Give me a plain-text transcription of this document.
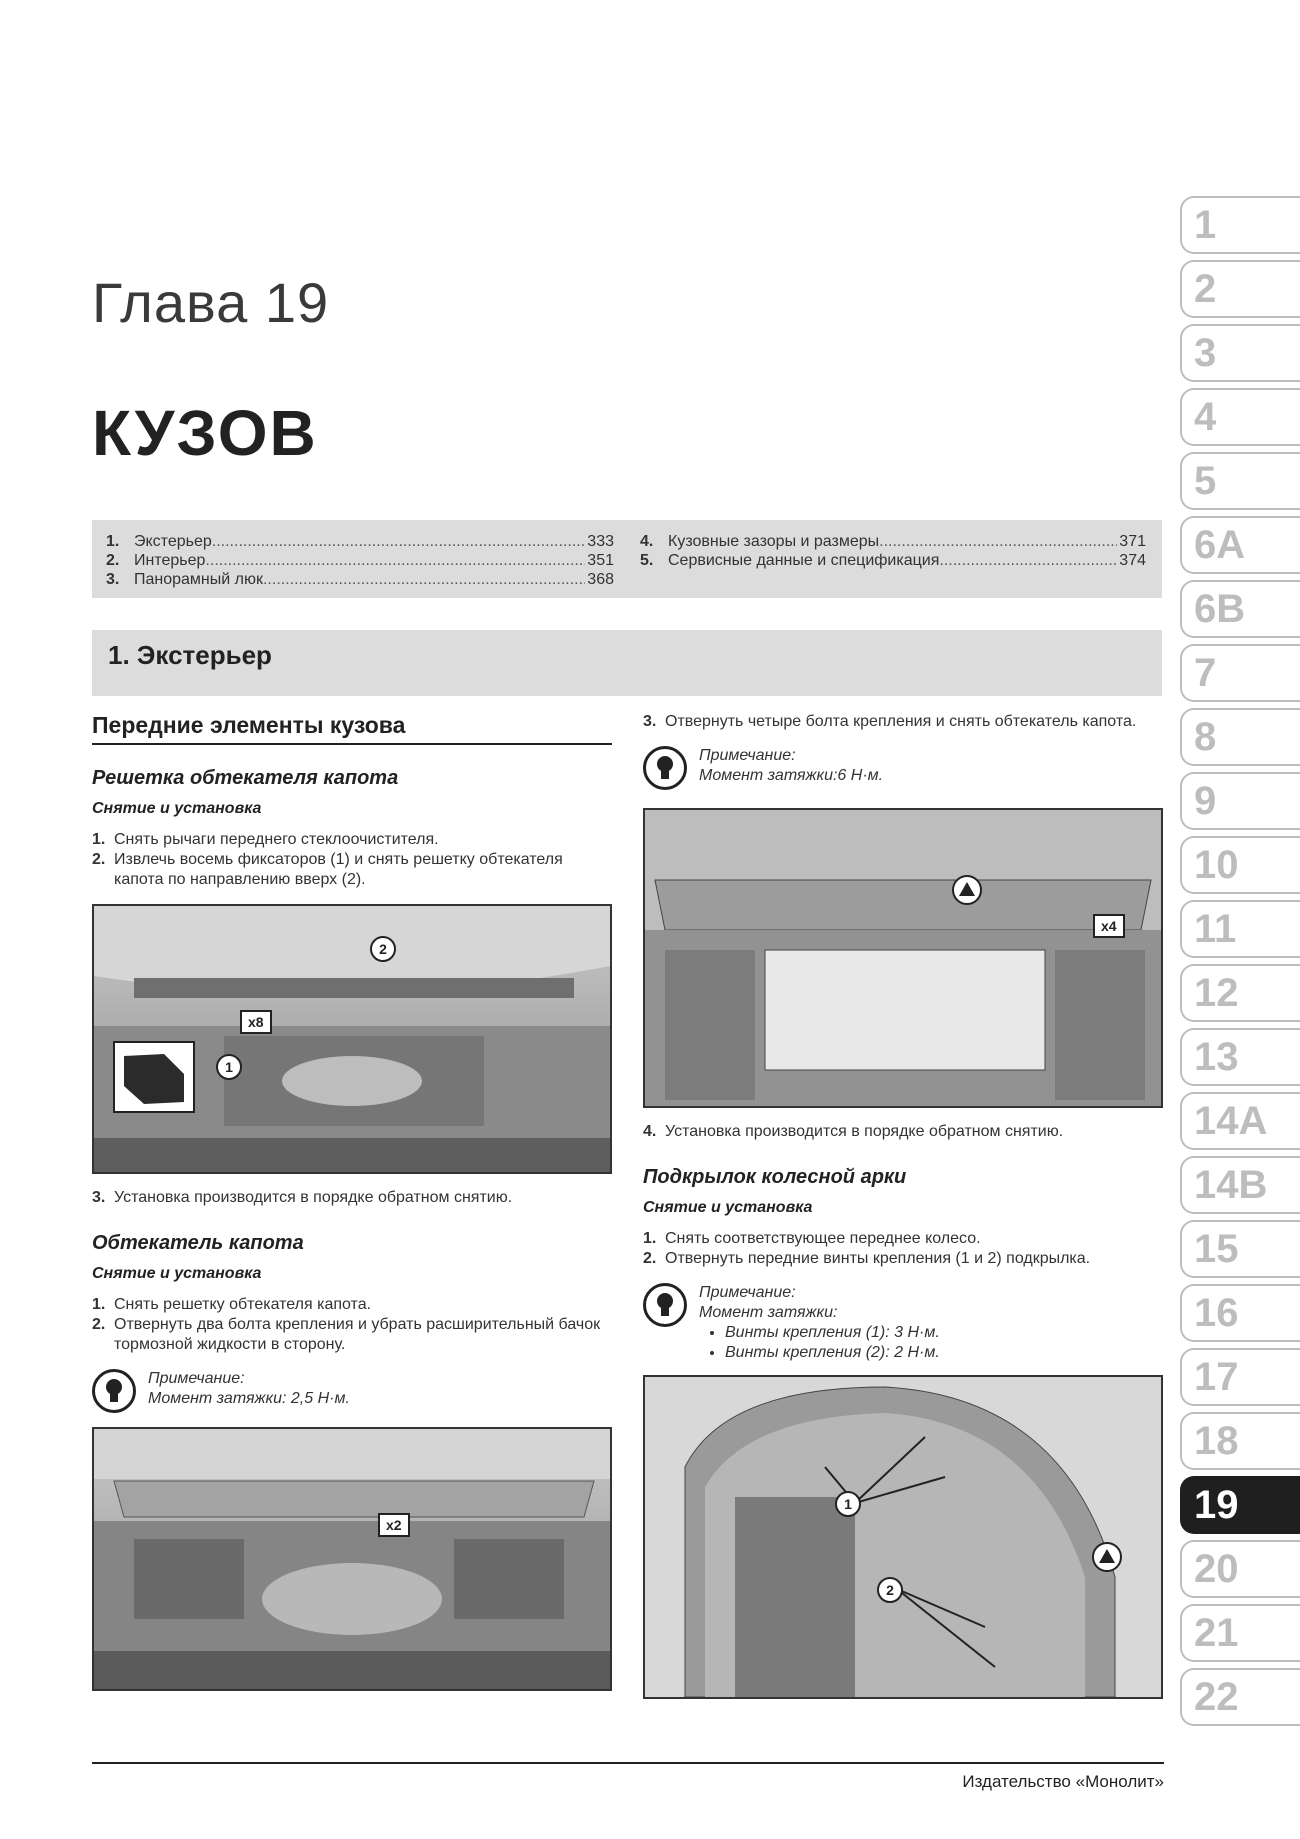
Глава 19
КУЗОВ
1. Экстерьер .....	333
2. Интерьер .....	351
3. Панорамный люк .....	368
4. Кузовные зазоры и размеры .....	371
5. Сервисные данные и спецификация .....	374
1. Экстерьер
Передние элементы кузова
Решетка обтекателя капота
Снятие и установка
1. Снять рычаги переднего стеклоочистителя.
2. Извлечь восемь фиксаторов (1) и снять решетку обтекателя капота по направлению вверх (2).
2
1
x8
3. Установка производится в порядке обратном снятию.
Обтекатель капота
Снятие и установка
1. Снять решетку обтекателя капота.
2. Отвернуть два болта крепления и убрать расширительный бачок тормозной жидкости в сторону.
Примечание:
Момент затяжки: 2,5 Н·м.
x2
3. Отвернуть четыре болта крепления и снять обтекатель капота.
Примечание:
Момент затяжки:6 Н·м.
x4
4. Установка производится в порядке обратном снятию.
Подкрылок колесной арки
Снятие и установка
1. Снять соответствующее переднее колесо.
2. Отвернуть передние винты крепления (1 и 2) подкрылка.
Примечание:
Момент затяжки:
• Винты крепления (1): 3 Н·м.
• Винты крепления (2): 2 Н·м.
1
2
1
2
3
4
5
6A
6B
7
8
9
10
11
12
13
14A
14B
15
16
17
18
19
20
21
22
Издательство «Монолит»
